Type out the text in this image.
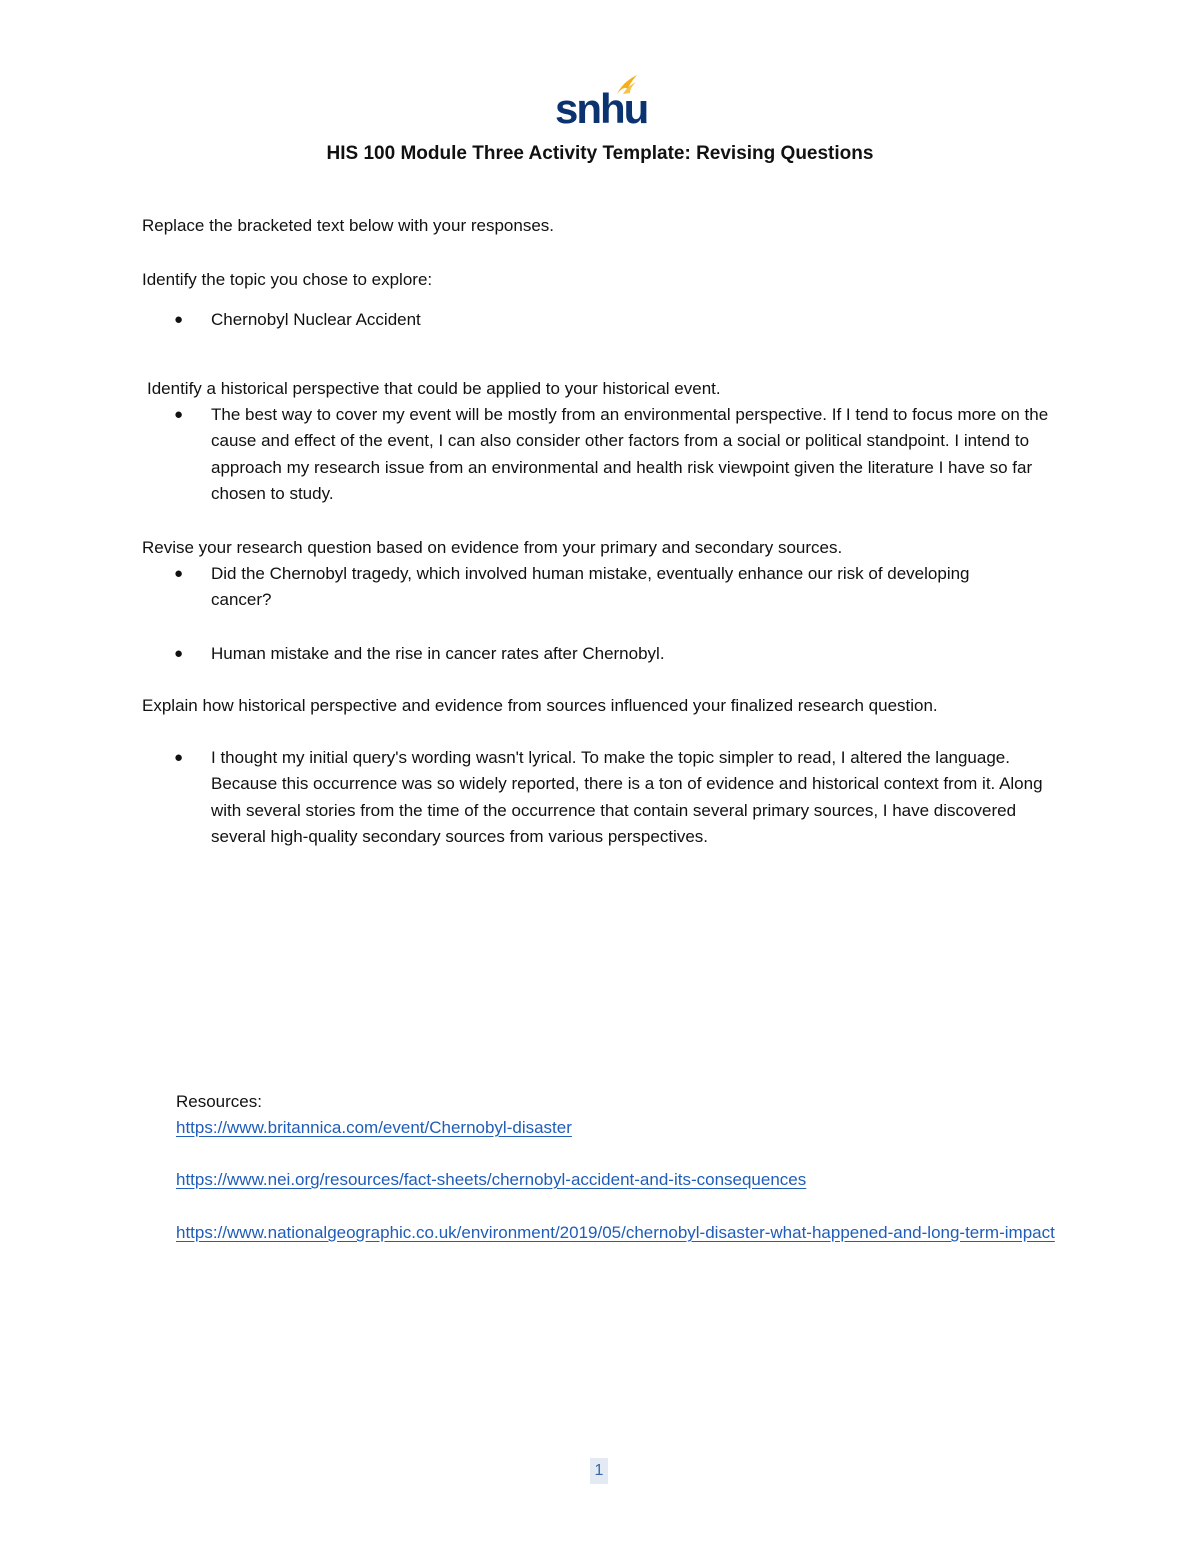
snhu
HIS 100 Module Three Activity Template: Revising Questions
Replace the bracketed text below with your responses.
Identify the topic you chose to explore:
● Chernobyl Nuclear Accident
Identify a historical perspective that could be applied to your historical event.
● The best way to cover my event will be mostly from an environmental perspective. If I tend to focus more on the cause and effect of the event, I can also consider other factors from a social or political standpoint. I intend to approach my research issue from an environmental and health risk viewpoint given the literature I have so far chosen to study.
Revise your research question based on evidence from your primary and secondary sources.
● Did the Chernobyl tragedy, which involved human mistake, eventually enhance our risk of developing cancer?
● Human mistake and the rise in cancer rates after Chernobyl.
Explain how historical perspective and evidence from sources influenced your finalized research question.
● I thought my initial query's wording wasn't lyrical. To make the topic simpler to read, I altered the language. Because this occurrence was so widely reported, there is a ton of evidence and historical context from it. Along with several stories from the time of the occurrence that contain several primary sources, I have discovered several high-quality secondary sources from various perspectives.
Resources:
https://www.britannica.com/event/Chernobyl-disaster
https://www.nei.org/resources/fact-sheets/chernobyl-accident-and-its-consequences
https://www.nationalgeographic.co.uk/environment/2019/05/chernobyl-disaster-what-happened-and-long-term-impact
1
